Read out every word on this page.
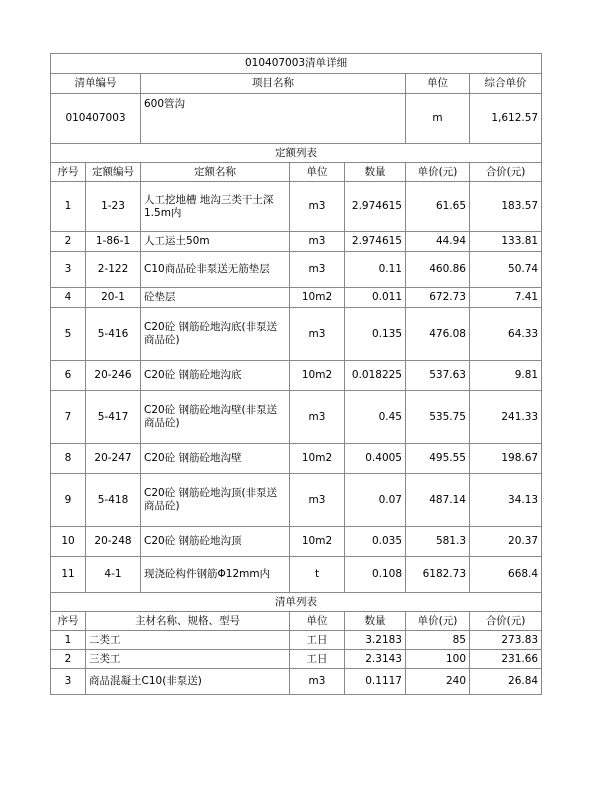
010407003清单详细						
清单编号		项目名称			单位	综合单价
010407003		600管沟			m	1,612.57
定额列表						
序号	定额编号	定额名称	单位	数量	单价(元)	合价(元)
1	1-23	人工挖地槽 地沟三类干土深1.5m内	m3	2.974615	61.65	183.57
2	1-86-1	人工运土50m	m3	2.974615	44.94	133.81
3	2-122	C10商品砼非泵送无筋垫层	m3	0.11	460.86	50.74
4	20-1	砼垫层	10m2	0.011	672.73	7.41
5	5-416	C20砼 钢筋砼地沟底(非泵送商品砼)	m3	0.135	476.08	64.33
6	20-246	C20砼 钢筋砼地沟底	10m2	0.018225	537.63	9.81
7	5-417	C20砼 钢筋砼地沟壁(非泵送商品砼)	m3	0.45	535.75	241.33
8	20-247	C20砼 钢筋砼地沟壁	10m2	0.4005	495.55	198.67
9	5-418	C20砼 钢筋砼地沟顶(非泵送商品砼)	m3	0.07	487.14	34.13
10	20-248	C20砼 钢筋砼地沟顶	10m2	0.035	581.3	20.37
11	4-1	现浇砼构件钢筋Φ12mm内	t	0.108	6182.73	668.4
清单列表						
序号	主材名称、规格、型号		单位	数量	单价(元)	合价(元)
1	二类工		工日	3.2183	85	273.83
2	三类工		工日	2.3143	100	231.66
3	商品混凝土C10(非泵送)		m3	0.1117	240	26.84
